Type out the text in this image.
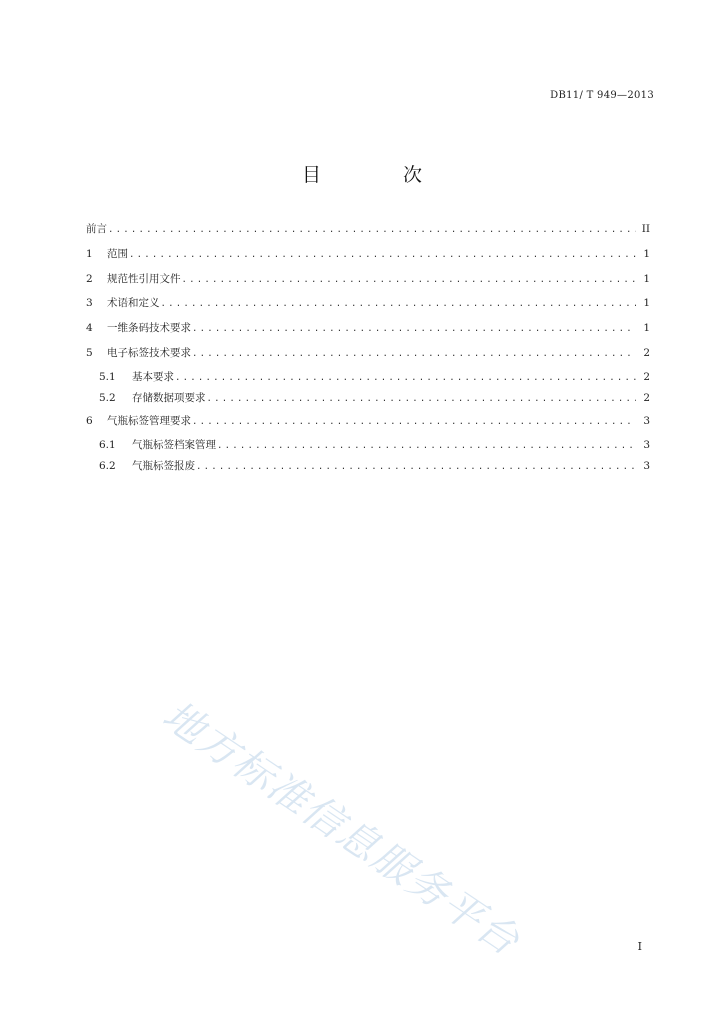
DB11/ T 949—2013
目 次
前言 .....	II
1	范围 .....	1
2	规范性引用文件 .....	1
3	术语和定义 .....	1
4	一维条码技术要求 .....	1
5	电子标签技术要求 .....	2
5.1	基本要求 .....	2
5.2	存储数据项要求 .....	2
6	气瓶标签管理要求 .....	3
6.1	气瓶标签档案管理 .....	3
6.2	气瓶标签报废 .....	3
地方标准信息服务平台	I
